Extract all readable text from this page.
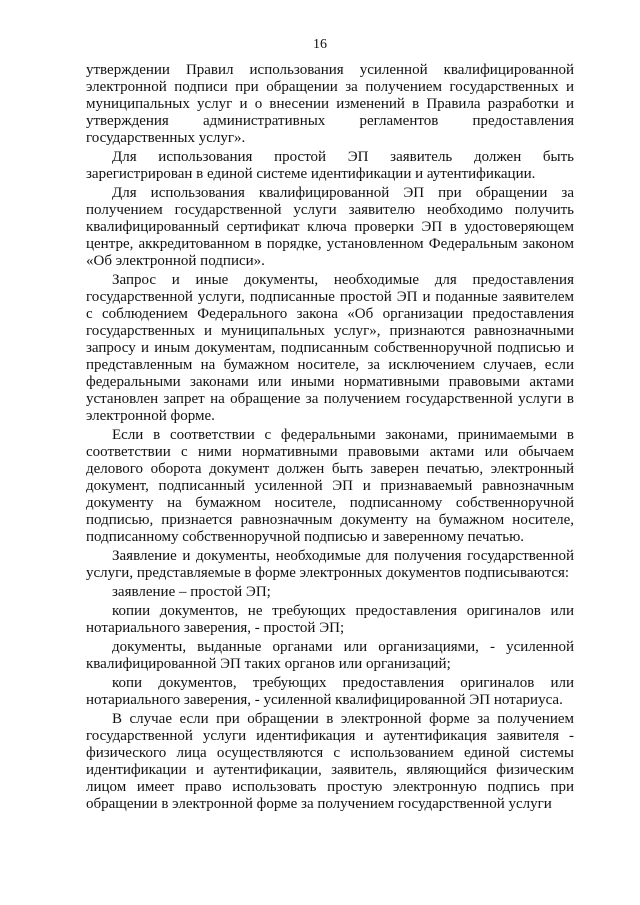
16

утверждении Правил использования усиленной квалифицированной электронной подписи при обращении за получением государственных и муниципальных услуг и о внесении изменений в Правила разработки и утверждения административных регламентов предоставления государственных услуг».

Для использования простой ЭП заявитель должен быть зарегистрирован в единой системе идентификации и аутентификации.

Для использования квалифицированной ЭП при обращении за получением государственной услуги заявителю необходимо получить квалифицированный сертификат ключа проверки ЭП в удостоверяющем центре, аккредитованном в порядке, установленном Федеральным законом «Об электронной подписи».

Запрос и иные документы, необходимые для предоставления государственной услуги, подписанные простой ЭП и поданные заявителем с соблюдением Федерального закона «Об организации предоставления государственных и муниципальных услуг», признаются равнозначными запросу и иным документам, подписанным собственноручной подписью и представленным на бумажном носителе, за исключением случаев, если федеральными законами или иными нормативными правовыми актами установлен запрет на обращение за получением государственной услуги в электронной форме.

Если в соответствии с федеральными законами, принимаемыми в соответствии с ними нормативными правовыми актами или обычаем делового оборота документ должен быть заверен печатью, электронный документ, подписанный усиленной ЭП и признаваемый равнозначным документу на бумажном носителе, подписанному собственноручной подписью, признается равнозначным документу на бумажном носителе, подписанному собственноручной подписью и заверенному печатью.

Заявление и документы, необходимые для получения государственной услуги, представляемые в форме электронных документов подписываются:

заявление – простой ЭП;

копии документов, не требующих предоставления оригиналов или нотариального заверения, - простой ЭП;

документы, выданные органами или организациями, - усиленной квалифицированной ЭП таких органов или организаций;

копи документов, требующих предоставления оригиналов или нотариального заверения, - усиленной квалифицированной ЭП нотариуса.

В случае если при обращении в электронной форме за получением государственной услуги идентификация и аутентификация заявителя - физического лица осуществляются с использованием единой системы идентификации и аутентификации, заявитель, являющийся физическим лицом имеет право использовать простую электронную подпись при обращении в электронной форме за получением государственной услуги
